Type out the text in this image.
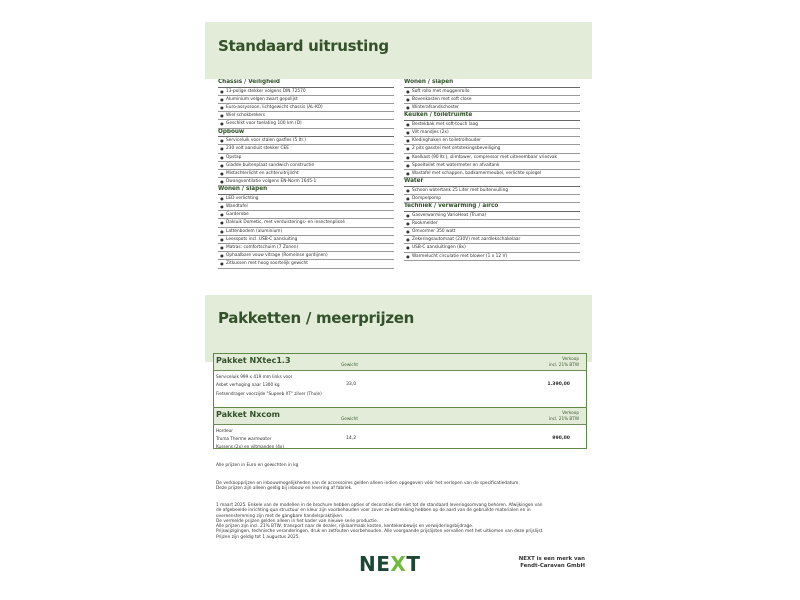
Standaard uitrusting
Chassis / Veiligheid
● 13-polige stekker volgens DIN 72570
● Aluminium velgen zwart gepolijst
● Euro-assyssoon, lichtgewicht chassis (AL-KO)
● Wiel schokbrekers
● Geschikt voor toelating 100 km (D)
Opbouw
● Serviceluik voor stalen gasfles (5 ltr.)
● 230 volt aansluit stekker CEE
● Opstap
● Gladde buitenplaat sandwich constructie
● Mistachterlicht en achteruitrijlicht
● Dwangventilatie volgens EN-Norm 1645-1
Wonen / slapen
● LED verlichting
● Wandtafel
● Garderobe
● Dakluik Dometic, met verduisterings- en insectenplissé
● Lattenbodem (aluminium)
● Leesspots incl. USB-C aansluiting
● Matras: comfortschuim (7 Zonen)
● Ophaalbare vouw vitrage (Romeinse gordijnen)
● Zitkussen met hoog soortelijk gewicht
Wonen / slapen
● Soft rollo met muggenrollo
● Bovenkasten met soft close
● Winterafsandschoster
Keuken / toiletruimte
● Bestekbak met soft-touch laag
● Vilt mandjes (2x)
● Kledinghaken en toiletrolhouder
● 2 pits gasstel met ontstekingsbeveiliging
● Koelkast (90 ltr.), slimtower, compressor met uitneembaar vriesvak
● Spoeltoilet met watermeter en afvaltank
● Wastafel met schappen, badkamermeubel, verlichte spiegel
Water
● Schoon watertank 25 Liter met buitenvulling
● Dompelpomp
Techniek / verwarming / airco
● Gasverwarming VarioHeat (Truma)
● Rookmelder
● Omvormer 350 watt
● Zekeringsautomaat (230V) met aardlekschakelaar
● USB-C aansluitingen (8x)
● Warmelucht circulatie met blower (1 x 12 V)
Pakketten / meerprijzen
Pakket NXtec1.3	Gewicht
Verkoop
incl. 21% BTW
Serviceluik 999 x 419 mm links voor
Asbet verhoging naar 1300 kg
Fietsendrager voorzijde "Supeeb XT" zilver (Thule)
33,0	1.390,00
Pakket Nxcom	Gewicht
Verkoop
incl. 21% BTW
Hordeur
Truma Therme warmwater
Kussens (2x) en viltmanden (4x)
14,2	990,00
Alle prijzen in Euro en gewichten in kg
De verkoopprijzen en inbouwmogelijkheden van de accessoires gelden alleen indien opgegeven vóór het verlopen van de specificatiedatum.
Deze prijzen zijn alleen geldig bij inbouw en levering af fabriek.
1 maart 2025. Enkele van de modellen in de brochure hebben opties of decoraties die niet tot de standaard leveringsomvang behoren. Afwijkingen van
de afgebeelde inrichting qua structuur en kleur zijn voorbehouden voor zover ze betrekking hebben op de aard van de gebruikte materialen en in
overeenstemming zijn met de gangbare handelspraktijken.
De vermelde prijzen gelden alleen in het kader van nieuwe serie productie.
Alle prijzen zijn incl. 21% BTW, transport naar de dealer, rijklaarmaak kosten, kentekenbewijs en verwijderingsbijdrage.
Prijswijzigingen, technische veranderingen, druk en zetfouten voorbehouden. Alle voorgaande prijslijsten vervallen met het uitkomen van deze prijslijst.
Prijzen zijn geldig tot 1 augustus 2025.
NEXT	NEXT is een merk van
Fendt-Caravan GmbH
